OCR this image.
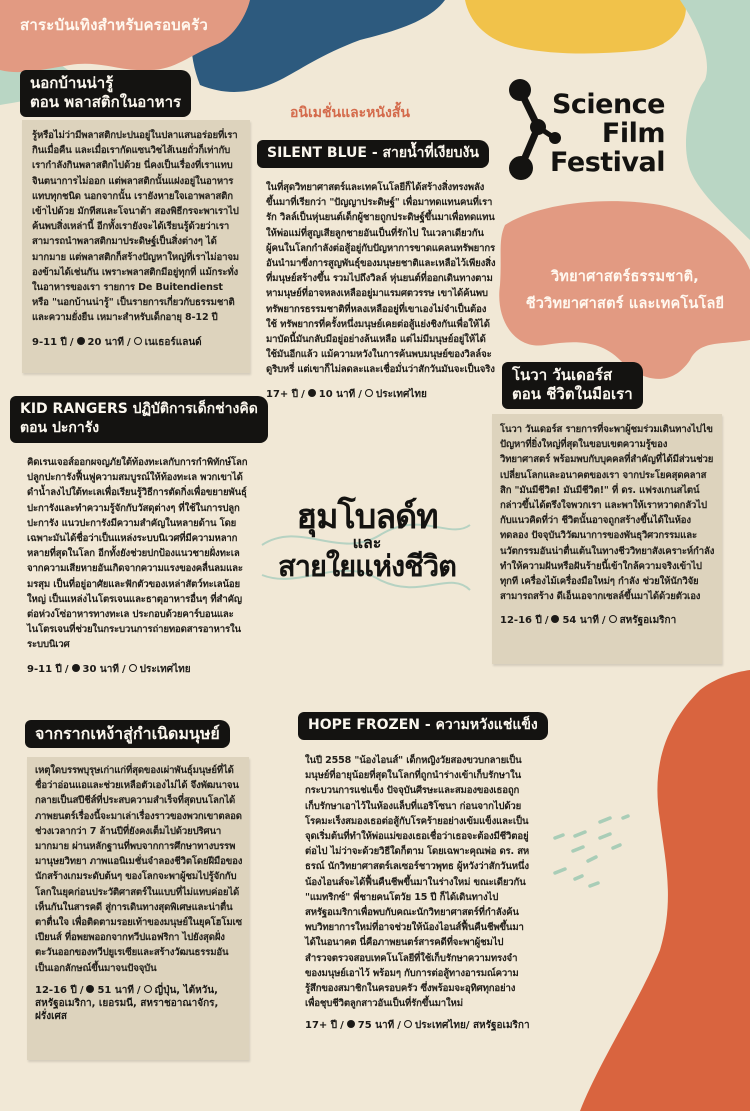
สาระบันเทิงสำหรับครอบครัว
อนิเมชั่นและหนังสั้น	Science
Film
Festival
วิทยาศาสตร์ธรรมชาติ,
ชีววิทยาศาสตร์ และเทคโนโลยี
นอกบ้านน่ารู้
ตอน พลาสติกในอาหาร
รู้หรือไม่ว่ามีพลาสติกปะปนอยู่ในปลาแสนอร่อยที่เรากินเมื่อคืน และเมื่อเรากัดแซนวิชไส้เนยถั่วก็เท่ากับเรากำลังกินพลาสติกไปด้วย นี่คงเป็นเรื่องที่เราแทบจินตนาการไม่ออก แต่พลาสติกนั้นแฝงอยู่ในอาหารแทบทุกชนิด นอกจากนั้น เรายังหายใจเอาพลาสติกเข้าไปด้วย มักทีสและโจนาต้า สองพิธีกรจะพาเราไปค้นพบสิ่งเหล่านี้ อีกทั้งเรายังจะได้เรียนรู้ด้วยว่าเราสามารถนำพลาสติกมาประดิษฐ์เป็นสิ่งต่างๆ ได้มากมาย แต่พลาสติกก็สร้างปัญหาใหญ่ที่เราไม่อาจมองข้ามได้เช่นกัน เพราะพลาสติกมีอยู่ทุกที่ แม้กระทั่งในอาหารของเรา รายการ De Buitendienst หรือ "นอกบ้านน่ารู้" เป็นรายการเกี่ยวกับธรรมชาติและความยั่งยืน เหมาะสำหรับเด็กอายุ 8-12 ปี
9-11 ปี / 20 นาที / เนเธอร์แลนด์
SILENT BLUE - สายน้ำที่เงียบงัน
ในที่สุดวิทยาศาสตร์และเทคโนโลยีก็ได้สร้างสิ่งทรงพลังขึ้นมาที่เรียกว่า "ปัญญาประดิษฐ์" เพื่อมาทดแทนคนที่เรารัก วิลล์เป็นหุ่นยนต์เด็กผู้ชายถูกประดิษฐ์ขึ้นมาเพื่อทดแทนให้พ่อแม่ที่สูญเสียลูกชายอันเป็นที่รักไป ในเวลาเดียวกัน ผู้คนในโลกกำลังต่อสู้อยู่กับปัญหาการขาดแคลนทรัพยากรอันนำมาซึ่งการสูญพันธุ์ของมนุษยชาติและเหลือไว้เพียงสิ่งที่มนุษย์สร้างขึ้น รวมไปถึงวิลล์ หุ่นยนต์ที่ออกเดินทางตามหามนุษย์ที่อาจหลงเหลืออยู่มาแรมศตวรรษ เขาได้ค้นพบทรัพยากรธรรมชาติที่หลงเหลืออยู่ที่เขาเองไม่จำเป็นต้องใช้ ทรัพยากรที่ครั้งหนึ่งมนุษย์เคยต่อสู้แย่งชิงกันเพื่อให้ได้มาบัดนี้มันกลับมีอยู่อย่างล้นเหลือ แต่ไม่มีมนุษย์อยู่ให้ได้ใช้มันอีกแล้ว แม้ความหวังในการค้นพบมนุษย์ของวิลล์จะ ดูริบหรี่ แต่เขาก็ไม่ลดละและเชื่อมั่นว่าสักวันมันจะเป็นจริง
17+ ปี / 10 นาที / ประเทศไทย
โนวา วันเดอร์ส
ตอน ชีวิตในมือเรา
โนวา วันเดอร์ส รายการที่จะพาผู้ชมร่วมเดินทางไปไขปัญหาที่ยิ่งใหญ่ที่สุดในขอบเขตความรู้ของวิทยาศาสตร์ พร้อมพบกับบุคคลที่สำคัญที่ได้มีส่วนช่วยเปลี่ยนโลกและอนาคตของเรา จากประโยคสุดคลาสสิก "มันมีชีวิต! มันมีชีวิต!" ที่ ดร. แฟรงเกนสไตน์กล่าวขึ้นได้ตรึงใจพวกเรา และพาให้เราหวาดกลัวไปกับแนวคิดที่ว่า ชีวิตนั้นอาจถูกสร้างขึ้นได้ในห้องทดลอง ปัจจุบันวิวัฒนาการของพันธุวิศวกรรมและนวัตกรรมอันน่าตื่นเต้นในทางชีววิทยาสังเคราะห์กำลังทำให้ความฝันหรือฝันร้ายนี้เข้าใกล้ความจริงเข้าไปทุกที เครื่องไม้เครื่องมือใหม่ๆ กำลัง ช่วยให้นักวิจัยสามารถสร้าง ดีเอ็นเอจากเซลล์ขึ้นมาได้ด้วยตัวเอง
12-16 ปี / 54 นาที / สหรัฐอเมริกา
KID RANGERS ปฏิบัติการเด็กช่างคิด
ตอน ปะการัง
คิดเรนเจอส์ออกผจญภัยใต้ท้องทะเลกับการกำพิทักษ์โลก ปลูกปะการังฟื้นฟูความสมบูรณ์ให้ท้องทะเล พวกเขาได้ดำน้ำลงไปใต้ทะเลเพื่อเรียนรู้วิธีการตัดกิ่งเพื่อขยายพันธุ์ปะการังและทำความรู้จักกับวัสดุต่างๆ ที่ใช้ในการปลูกปะการัง แนวปะการังมีความสำคัญในหลายด้าน โดยเฉพาะมันได้ชื่อว่าเป็นแหล่งระบบนิเวศที่มีความหลากหลายที่สุดในโลก อีกทั้งยังช่วยปกป้องแนวชายฝั่งทะเลจากความเสียหายอันเกิดจากความแรงของคลื่นลมและมรสุม เป็นที่อยู่อาศัยและฟักตัวของเหล่าสัตว์ทะเลน้อยใหญ่ เป็นแหล่งไนโตรเจนและธาตุอาหารอื่นๆ ที่สำคัญต่อห่วงโซ่อาหารทางทะเล ประกอบด้วยคาร์บอนและไนโตรเจนที่ช่วยในกระบวนการถ่ายทอดสารอาหารในระบบนิเวศ
9-11 ปี / 30 นาที / ประเทศไทย
ฮุมโบลด์ท
และ
สายใยแห่งชีวิต
จากรากเหง้าสู่กำเนิดมนุษย์
เหตุใดบรรพบุรุษเก่าแก่ที่สุดของเผ่าพันธุ์มนุษย์ที่ได้ชื่อว่าอ่อนแอและช่วยเหลือตัวเองไม่ได้ จึงพัฒนาจนกลายเป็นสปีชีส์ที่ประสบความสำเร็จที่สุดบนโลกได้ ภาพยนตร์เรื่องนี้จะมาเล่าเรื่องราวของพวกเขาตลอดช่วงเวลากว่า 7 ล้านปีที่ยังคงเต็มไปด้วยปริศนามากมาย ผ่านหลักฐานที่พบจากการศึกษาทางบรรพมานุษยวิทยา ภาพแอนิเมชั่นจำลองชีวิตโดยฝีมือของนักสร้างเกมระดับต้นๆ ของโลกจะพาผู้ชมไปรู้จักกับโลกในยุคก่อนประวัติศาสตร์ในแบบที่ไม่แทบค่อยได้เห็นกันในสารคดี สู่การเดินทางสุดพิเศษและน่าตื่นตาตื่นใจ เพื่อติดตามรอยเท้าของมนุษย์ในยุคโฮโมเซเปียนส์ ที่อพยพออกจากทวีปแอฟริกา ไปยังสุดฝั่งตะวันออกของทวีปยูเรเซียและสร้างวัฒนธรรมอันเป็นเอกลักษณ์ขึ้นมาจนปัจจุบัน
12-16 ปี / 51 นาที / ญี่ปุ่น, ไต้หวัน, สหรัฐอเมริกา, เยอรมนี, สหราชอาณาจักร, ฝรั่งเศส
HOPE FROZEN - ความหวังแช่แข็ง
ในปี 2558 "น้องไอนส์" เด็กหญิงวัยสองขวบกลายเป็นมนุษย์ที่อายุน้อยที่สุดในโลกที่ถูกนำร่างเข้าเก็บรักษาในกระบวนการแช่แข็ง ปัจจุบันศีรษะและสมองของเธอถูกเก็บรักษาเอาไว้ในห้องแล็บที่แอริโซนา ก่อนจากไปด้วยโรคมะเร็งสมองเธอต่อสู้กับโรคร้ายอย่างเข้มแข็งและเป็นจุดเริ่มต้นที่ทำให้พ่อแม่ของเธอเชื่อว่าเธอจะต้องมีชีวิตอยู่ต่อไป ไม่ว่าจะด้วยวิธีใดก็ตาม โดยเฉพาะคุณพ่อ ดร. สหธรณ์ นักวิทยาศาสตร์เลเซอร์ชาวพุทธ ผู้หวังว่าสักวันหนึ่ง น้องไอนส์จะได้ฟื้นคืนชีพขึ้นมาในร่างใหม่ ขณะเดียวกัน "แมทริกซ์" พี่ชายคนโตวัย 15 ปี ก็ได้เดินทางไปสหรัฐอเมริกาเพื่อพบกับคณะนักวิทยาศาสตร์ที่กำลังค้นพบวิทยาการใหม่ที่อาจช่วยให้น้องไอนส์ฟื้นคืนชีพขึ้นมาได้ในอนาคต นี่คือภาพยนตร์สารคดีที่จะพาผู้ชมไปสำรวจตรวจสอบเทคโนโลยีที่ใช้เก็บรักษาความทรงจำของมนุษย์เอาไว้ พร้อมๆ กับการต่อสู้ทางอารมณ์ความรู้สึกของสมาชิกในครอบครัว ซึ่งพร้อมจะอุทิศทุกอย่างเพื่อชุบชีวิตลูกสาวอันเป็นที่รักขึ้นมาใหม่
17+ ปี / 75 นาที / ประเทศไทย/ สหรัฐอเมริกา
